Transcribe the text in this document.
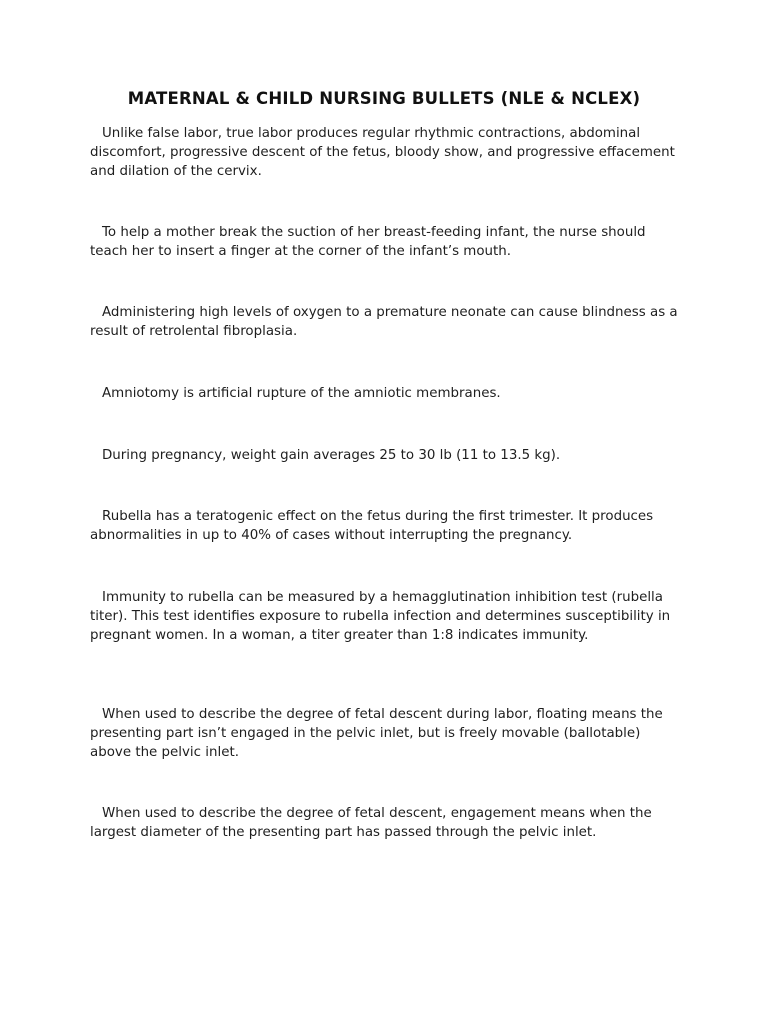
MATERNAL & CHILD NURSING BULLETS (NLE & NCLEX)

Unlike false labor, true labor produces regular rhythmic contractions, abdominal discomfort, progressive descent of the fetus, bloody show, and progressive effacement and dilation of the cervix.

To help a mother break the suction of her breast-feeding infant, the nurse should teach her to insert a finger at the corner of the infant’s mouth.

Administering high levels of oxygen to a premature neonate can cause blindness as a result of retrolental fibroplasia.

Amniotomy is artificial rupture of the amniotic membranes.

During pregnancy, weight gain averages 25 to 30 lb (11 to 13.5 kg).

Rubella has a teratogenic effect on the fetus during the first trimester. It produces abnormalities in up to 40% of cases without interrupting the pregnancy.

Immunity to rubella can be measured by a hemagglutination inhibition test (rubella titer). This test identifies exposure to rubella infection and determines susceptibility in pregnant women. In a woman, a titer greater than 1:8 indicates immunity.

When used to describe the degree of fetal descent during labor, floating means the presenting part isn’t engaged in the pelvic inlet, but is freely movable (ballotable) above the pelvic inlet.

When used to describe the degree of fetal descent, engagement means when the largest diameter of the presenting part has passed through the pelvic inlet.
